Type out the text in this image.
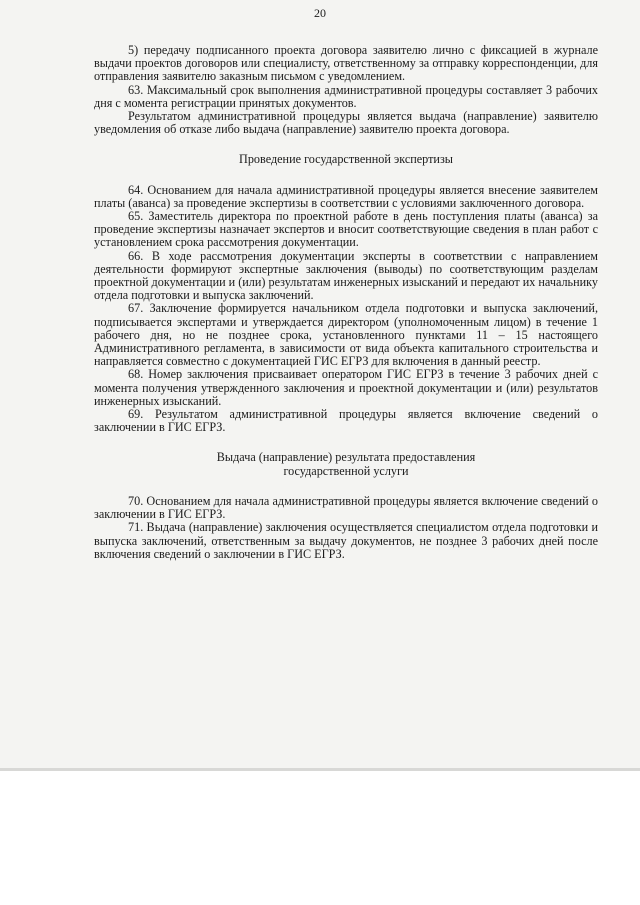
20

5) передачу подписанного проекта договора заявителю лично с фиксацией в журнале выдачи проектов договоров или специалисту, ответственному за отправку корреспонденции, для отправления заявителю заказным письмом с уведомлением.

63. Максимальный срок выполнения административной процедуры составляет 3 рабочих дня с момента регистрации принятых документов.

Результатом административной процедуры является выдача (направление) заявителю уведомления об отказе либо выдача (направление) заявителю проекта договора.

Проведение государственной экспертизы

64. Основанием для начала административной процедуры является внесение заявителем платы (аванса) за проведение экспертизы в соответствии с условиями заключенного договора.

65. Заместитель директора по проектной работе в день поступления платы (аванса) за проведение экспертизы назначает экспертов и вносит соответствующие сведения в план работ с установлением срока рассмотрения документации.

66. В ходе рассмотрения документации эксперты в соответствии с направлением деятельности формируют экспертные заключения (выводы) по соответствующим разделам проектной документации и (или) результатам инженерных изысканий и передают их начальнику отдела подготовки и выпуска заключений.

67. Заключение формируется начальником отдела подготовки и выпуска заключений, подписывается экспертами и утверждается директором (уполномоченным лицом) в течение 1 рабочего дня, но не позднее срока, установленного пунктами 11 – 15 настоящего Административного регламента, в зависимости от вида объекта капитального строительства и направляется совместно с документацией ГИС ЕГРЗ для включения в данный реестр.

68. Номер заключения присваивает оператором ГИС ЕГРЗ в течение 3 рабочих дней с момента получения утвержденного заключения и проектной документации и (или) результатов инженерных изысканий.

69. Результатом административной процедуры является включение сведений о заключении в ГИС ЕГРЗ.

Выдача (направление) результата предоставления

государственной услуги

70. Основанием для начала административной процедуры является включение сведений о заключении в ГИС ЕГРЗ.

71. Выдача (направление) заключения осуществляется специалистом отдела подготовки и выпуска заключений, ответственным за выдачу документов, не позднее 3 рабочих дней после включения сведений о заключении в ГИС ЕГРЗ.
